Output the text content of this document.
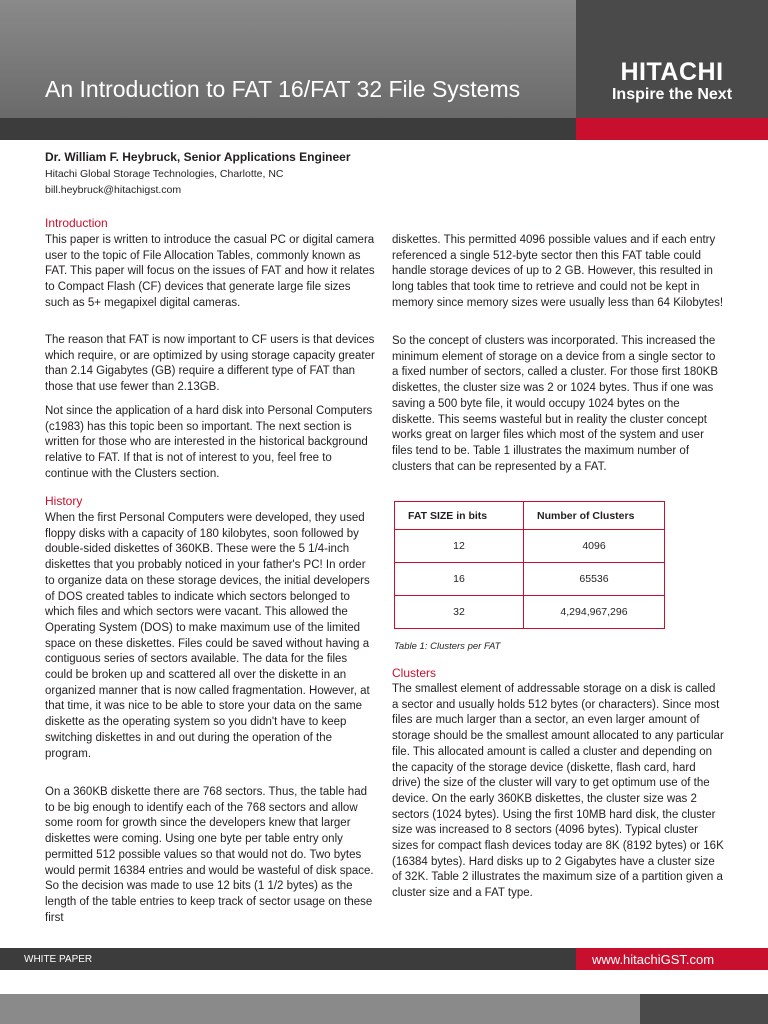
An Introduction to FAT 16/FAT 32 File Systems
HITACHI
Inspire the Next
Dr. William F. Heybruck, Senior Applications Engineer
Hitachi Global Storage Technologies, Charlotte, NC
bill.heybruck@hitachigst.com
Introduction

This paper is written to introduce the casual PC or digital camera user to the topic of File Allocation Tables, commonly known as FAT. This paper will focus on the issues of FAT and how it relates to Compact Flash (CF) devices that generate large file sizes such as 5+ megapixel digital cameras.

The reason that FAT is now important to CF users is that devices which require, or are optimized by using storage capacity greater than 2.14 Gigabytes (GB) require a different type of FAT than those that use fewer than 2.13GB.

Not since the application of a hard disk into Personal Computers (c1983) has this topic been so important. The next section is written for those who are interested in the historical background relative to FAT. If that is not of interest to you, feel free to continue with the Clusters section.

History

When the first Personal Computers were developed, they used floppy disks with a capacity of 180 kilobytes, soon followed by double-sided diskettes of 360KB. These were the 5 1/4-inch diskettes that you probably noticed in your father's PC! In order to organize data on these storage devices, the initial developers of DOS created tables to indicate which sectors belonged to which files and which sectors were vacant. This allowed the Operating System (DOS) to make maximum use of the limited space on these diskettes. Files could be saved without having a contiguous series of sectors available. The data for the files could be broken up and scattered all over the diskette in an organized manner that is now called fragmentation. However, at that time, it was nice to be able to store your data on the same diskette as the operating system so you didn't have to keep switching diskettes in and out during the operation of the program.

On a 360KB diskette there are 768 sectors. Thus, the table had to be big enough to identify each of the 768 sectors and allow some room for growth since the developers knew that larger diskettes were coming. Using one byte per table entry only permitted 512 possible values so that would not do. Two bytes would permit 16384 entries and would be wasteful of disk space. So the decision was made to use 12 bits (1 1/2 bytes) as the length of the table entries to keep track of sector usage on these first

diskettes. This permitted 4096 possible values and if each entry referenced a single 512-byte sector then this FAT table could handle storage devices of up to 2 GB. However, this resulted in long tables that took time to retrieve and could not be kept in memory since memory sizes were usually less than 64 Kilobytes!

So the concept of clusters was incorporated. This increased the minimum element of storage on a device from a single sector to a fixed number of sectors, called a cluster. For those first 180KB diskettes, the cluster size was 2 or 1024 bytes. Thus if one was saving a 500 byte file, it would occupy 1024 bytes on the diskette. This seems wasteful but in reality the cluster concept works great on larger files which most of the system and user files tend to be. Table 1 illustrates the maximum number of clusters that can be represented by a FAT.

FAT SIZE in bits	Number of Clusters
12	4096
16	65536
32	4,294,967,296
Table 1: Clusters per FAT
Clusters

The smallest element of addressable storage on a disk is called a sector and usually holds 512 bytes (or characters). Since most files are much larger than a sector, an even larger amount of storage should be the smallest amount allocated to any particular file. This allocated amount is called a cluster and depending on the capacity of the storage device (diskette, flash card, hard drive) the size of the cluster will vary to get optimum use of the device. On the early 360KB diskettes, the cluster size was 2 sectors (1024 bytes). Using the first 10MB hard disk, the cluster size was increased to 8 sectors (4096 bytes). Typical cluster sizes for compact flash devices today are 8K (8192 bytes) or 16K (16384 bytes). Hard disks up to 2 Gigabytes have a cluster size of 32K. Table 2 illustrates the maximum size of a partition given a cluster size and a FAT type.

WHITE PAPER	www.hitachiGST.com
